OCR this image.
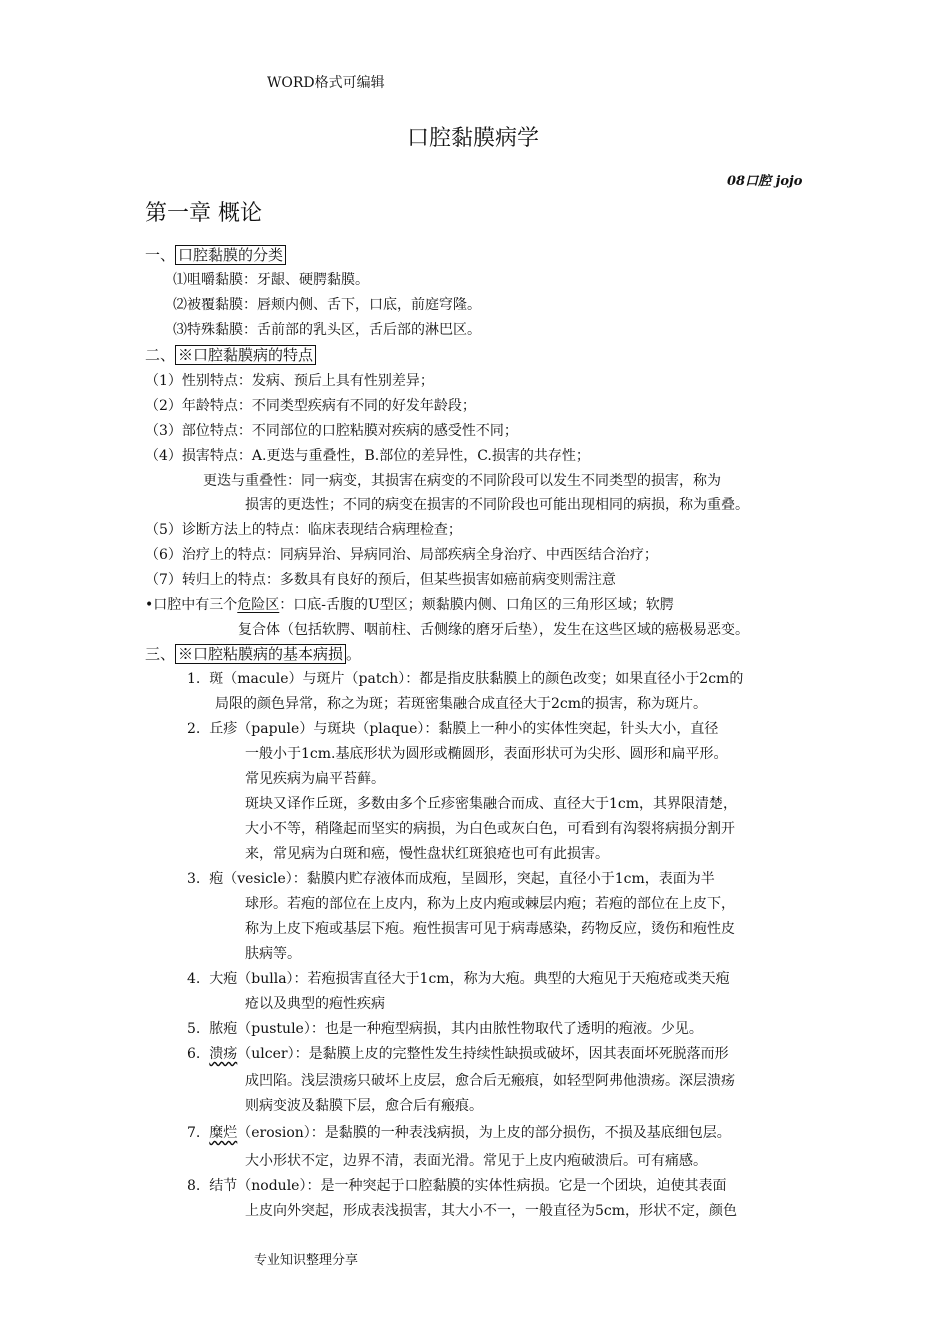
WORD格式可编辑
口腔黏膜病学
08口腔 jojo
第一章 概论
一、 口腔黏膜的分类
⑴咀嚼黏膜：牙龈、硬腭黏膜。
⑵被覆黏膜：唇颊内侧、舌下，口底，前庭穹隆。
⑶特殊黏膜：舌前部的乳头区，舌后部的淋巴区。
二、 ※口腔黏膜病的特点
（1）性别特点：发病、预后上具有性别差异；
（2）年龄特点：不同类型疾病有不同的好发年龄段；
（3）部位特点：不同部位的口腔粘膜对疾病的感受性不同；
（4）损害特点：A.更迭与重叠性，B.部位的差异性，C.损害的共存性；
更迭与重叠性：同一病变，其损害在病变的不同阶段可以发生不同类型的损害，称为
损害的更迭性；不同的病变在损害的不同阶段也可能出现相同的病损，称为重叠。
（5）诊断方法上的特点：临床表现结合病理检查；
（6）治疗上的特点：同病异治、异病同治、局部疾病全身治疗、中西医结合治疗；
（7）转归上的特点：多数具有良好的预后，但某些损害如癌前病变则需注意
•口腔中有三个危险区：口底-舌腹的U型区；颊黏膜内侧、口角区的三角形区域；软腭
复合体（包括软腭、咽前柱、舌侧缘的磨牙后垫），发生在这些区域的癌极易恶变。
三、 ※口腔粘膜病的基本病损 。
1. 斑（macule）与斑片（patch）：都是指皮肤黏膜上的颜色改变；如果直径小于2cm的
局限的颜色异常，称之为斑；若斑密集融合成直径大于2cm的损害，称为斑片。
2. 丘疹（papule）与斑块（plaque）：黏膜上一种小的实体性突起，针头大小，直径
一般小于1cm.基底形状为圆形或椭圆形，表面形状可为尖形、圆形和扁平形。
常见疾病为扁平苔藓。
斑块又译作丘斑，多数由多个丘疹密集融合而成、直径大于1cm，其界限清楚，
大小不等，稍隆起而坚实的病损，为白色或灰白色，可看到有沟裂将病损分割开
来，常见病为白斑和癌，慢性盘状红斑狼疮也可有此损害。
3. 疱（vesicle）：黏膜内贮存液体而成疱，呈圆形，突起，直径小于1cm，表面为半
球形。若疱的部位在上皮内，称为上皮内疱或棘层内疱；若疱的部位在上皮下，
称为上皮下疱或基层下疱。疱性损害可见于病毒感染，药物反应，烫伤和疱性皮
肤病等。
4. 大疱（bulla）：若疱损害直径大于1cm，称为大疱。典型的大疱见于天疱疮或类天疱
疮以及典型的疱性疾病
5. 脓疱（pustule）：也是一种疱型病损，其内由脓性物取代了透明的疱液。少见。
6. 溃疡（ulcer）：是黏膜上皮的完整性发生持续性缺损或破坏，因其表面坏死脱落而形
成凹陷。浅层溃疡只破坏上皮层，愈合后无瘢痕，如轻型阿弗他溃疡。深层溃疡
则病变波及黏膜下层，愈合后有瘢痕。
7. 糜烂（erosion）：是黏膜的一种表浅病损，为上皮的部分损伤，不损及基底细包层。
大小形状不定，边界不清，表面光滑。常见于上皮内疱破溃后。可有痛感。
8. 结节（nodule）：是一种突起于口腔黏膜的实体性病损。它是一个团块，迫使其表面
上皮向外突起，形成表浅损害，其大小不一，一般直径为5cm，形状不定，颜色
专业知识整理分享
